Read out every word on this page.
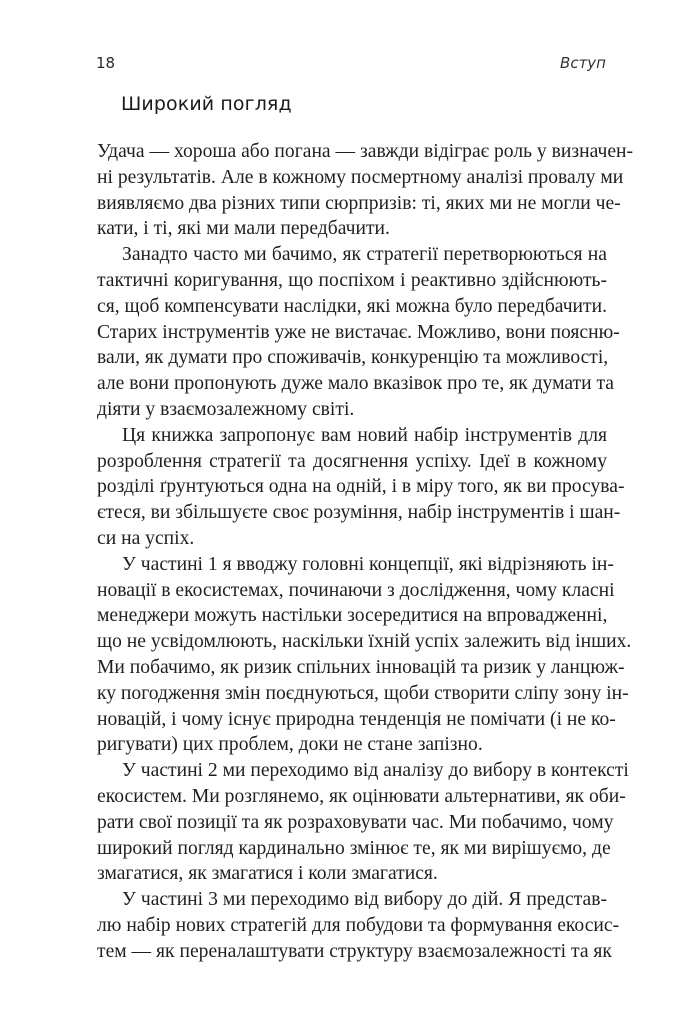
18	Вступ
Широкий погляд
Удача — хороша або погана — завжди відіграє роль у визначен-
ні результатів. Але в кожному посмертному аналізі провалу ми
виявляємо два різних типи сюрпризів: ті, яких ми не могли че-
кати, і ті, які ми мали передбачити.
Занадто часто ми бачимо, як стратегії перетворюються на
тактичні коригування, що поспіхом і реактивно здійснюють-
ся, щоб компенсувати наслідки, які можна було передбачити.
Старих інструментів уже не вистачає. Можливо, вони поясню-
вали, як думати про споживачів, конкуренцію та можливості,
але вони пропонують дуже мало вказівок про те, як думати та
діяти у взаємозалежному світі.
Ця книжка запропонує вам новий набір інструментів для
розроблення стратегії та досягнення успіху. Ідеї в кожному
розділі ґрунтуються одна на одній, і в міру того, як ви просува-
єтеся, ви збільшуєте своє розуміння, набір інструментів і шан-
си на успіх.
У частині 1 я вводжу головні концепції, які відрізняють ін-
новації в екосистемах, починаючи з дослідження, чому класні
менеджери можуть настільки зосередитися на впровадженні,
що не усвідомлюють, наскільки їхній успіх залежить від інших.
Ми побачимо, як ризик спільних інновацій та ризик у ланцюж-
ку погодження змін поєднуються, щоби створити сліпу зону ін-
новацій, і чому існує природна тенденція не помічати (і не ко-
ригувати) цих проблем, доки не стане запізно.
У частині 2 ми переходимо від аналізу до вибору в контексті
екосистем. Ми розглянемо, як оцінювати альтернативи, як оби-
рати свої позиції та як розраховувати час. Ми побачимо, чому
широкий погляд кардинально змінює те, як ми вирішуємо, де
змагатися, як змагатися і коли змагатися.
У частині 3 ми переходимо від вибору до дій. Я представ-
лю набір нових стратегій для побудови та формування екосис-
тем — як переналаштувати структуру взаємозалежності та як
